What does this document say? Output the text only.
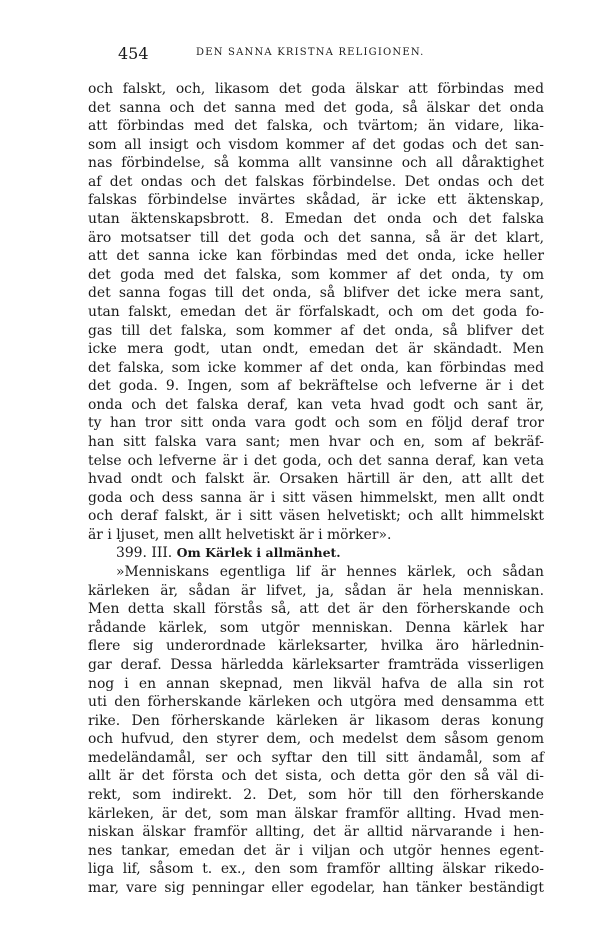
454	DEN SANNA KRISTNA RELIGIONEN.
och falskt, och, likasom det goda älskar att förbindas med
det sanna och det sanna med det goda, så älskar det onda
att förbindas med det falska, och tvärtom; än vidare, lika-
som all insigt och visdom kommer af det godas och det san-
nas förbindelse, så komma allt vansinne och all dåraktighet
af det ondas och det falskas förbindelse. Det ondas och det
falskas förbindelse invärtes skådad, är icke ett äktenskap,
utan äktenskapsbrott. 8. Emedan det onda och det falska
äro motsatser till det goda och det sanna, så är det klart,
att det sanna icke kan förbindas med det onda, icke heller
det goda med det falska, som kommer af det onda, ty om
det sanna fogas till det onda, så blifver det icke mera sant,
utan falskt, emedan det är förfalskadt, och om det goda fo-
gas till det falska, som kommer af det onda, så blifver det
icke mera godt, utan ondt, emedan det är skändadt. Men
det falska, som icke kommer af det onda, kan förbindas med
det goda. 9. Ingen, som af bekräftelse och lefverne är i det
onda och det falska deraf, kan veta hvad godt och sant är,
ty han tror sitt onda vara godt och som en följd deraf tror
han sitt falska vara sant; men hvar och en, som af bekräf-
telse och lefverne är i det goda, och det sanna deraf, kan veta
hvad ondt och falskt är. Orsaken härtill är den, att allt det
goda och dess sanna är i sitt väsen himmelskt, men allt ondt
och deraf falskt, är i sitt väsen helvetiskt; och allt himmelskt
är i ljuset, men allt helvetiskt är i mörker».
399. III. Om Kärlek i allmänhet.
»Menniskans egentliga lif är hennes kärlek, och sådan
kärleken är, sådan är lifvet, ja, sådan är hela menniskan.
Men detta skall förstås så, att det är den förherskande och
rådande kärlek, som utgör menniskan. Denna kärlek har
flere sig underordnade kärleksarter, hvilka äro härlednin-
gar deraf. Dessa härledda kärleksarter framträda visserligen
nog i en annan skepnad, men likväl hafva de alla sin rot
uti den förherskande kärleken och utgöra med densamma ett
rike. Den förherskande kärleken är likasom deras konung
och hufvud, den styrer dem, och medelst dem såsom genom
medeländamål, ser och syftar den till sitt ändamål, som af
allt är det första och det sista, och detta gör den så väl di-
rekt, som indirekt. 2. Det, som hör till den förherskande
kärleken, är det, som man älskar framför allting. Hvad men-
niskan älskar framför allting, det är alltid närvarande i hen-
nes tankar, emedan det är i viljan och utgör hennes egent-
liga lif, såsom t. ex., den som framför allting älskar rikedo-
mar, vare sig penningar eller egodelar, han tänker beständigt
